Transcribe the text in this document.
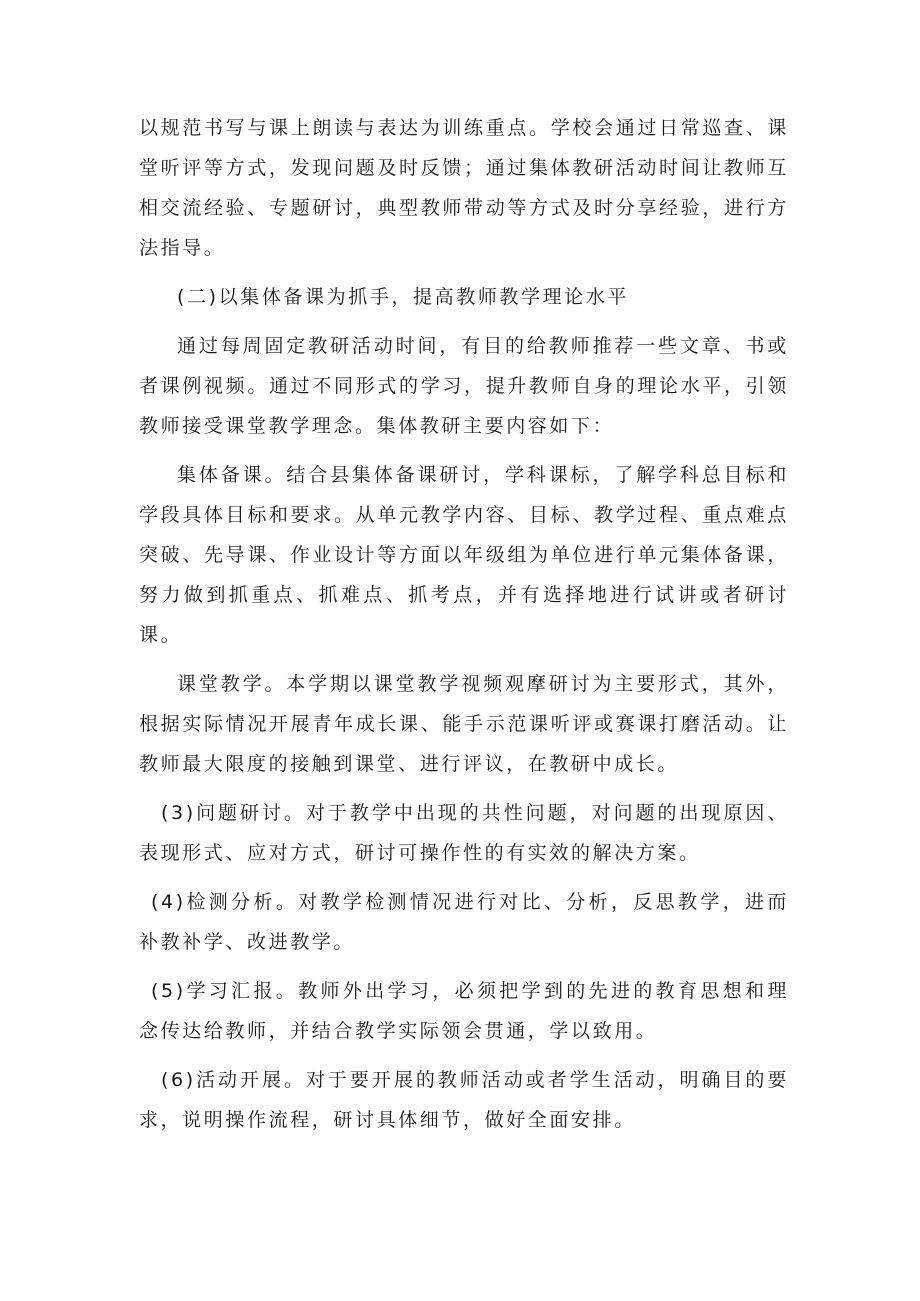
以规范书写与课上朗读与表达为训练重点。学校会通过日常巡查、课堂听评等方式，发现问题及时反馈；通过集体教研活动时间让教师互相交流经验、专题研讨，典型教师带动等方式及时分享经验，进行方法指导。

(二)以集体备课为抓手，提高教师教学理论水平

通过每周固定教研活动时间，有目的给教师推荐一些文章、书或者课例视频。通过不同形式的学习，提升教师自身的理论水平，引领教师接受课堂教学理念。集体教研主要内容如下：

集体备课。结合县集体备课研讨，学科课标，了解学科总目标和学段具体目标和要求。从单元教学内容、目标、教学过程、重点难点突破、先导课、作业设计等方面以年级组为单位进行单元集体备课，努力做到抓重点、抓难点、抓考点，并有选择地进行试讲或者研讨课。

课堂教学。本学期以课堂教学视频观摩研讨为主要形式，其外，根据实际情况开展青年成长课、能手示范课听评或赛课打磨活动。让教师最大限度的接触到课堂、进行评议，在教研中成长。

(3)问题研讨。对于教学中出现的共性问题，对问题的出现原因、表现形式、应对方式，研讨可操作性的有实效的解决方案。

(4)检测分析。对教学检测情况进行对比、分析，反思教学，进而补教补学、改进教学。

(5)学习汇报。教师外出学习，必须把学到的先进的教育思想和理念传达给教师，并结合教学实际领会贯通，学以致用。

(6)活动开展。对于要开展的教师活动或者学生活动，明确目的要求，说明操作流程，研讨具体细节，做好全面安排。
